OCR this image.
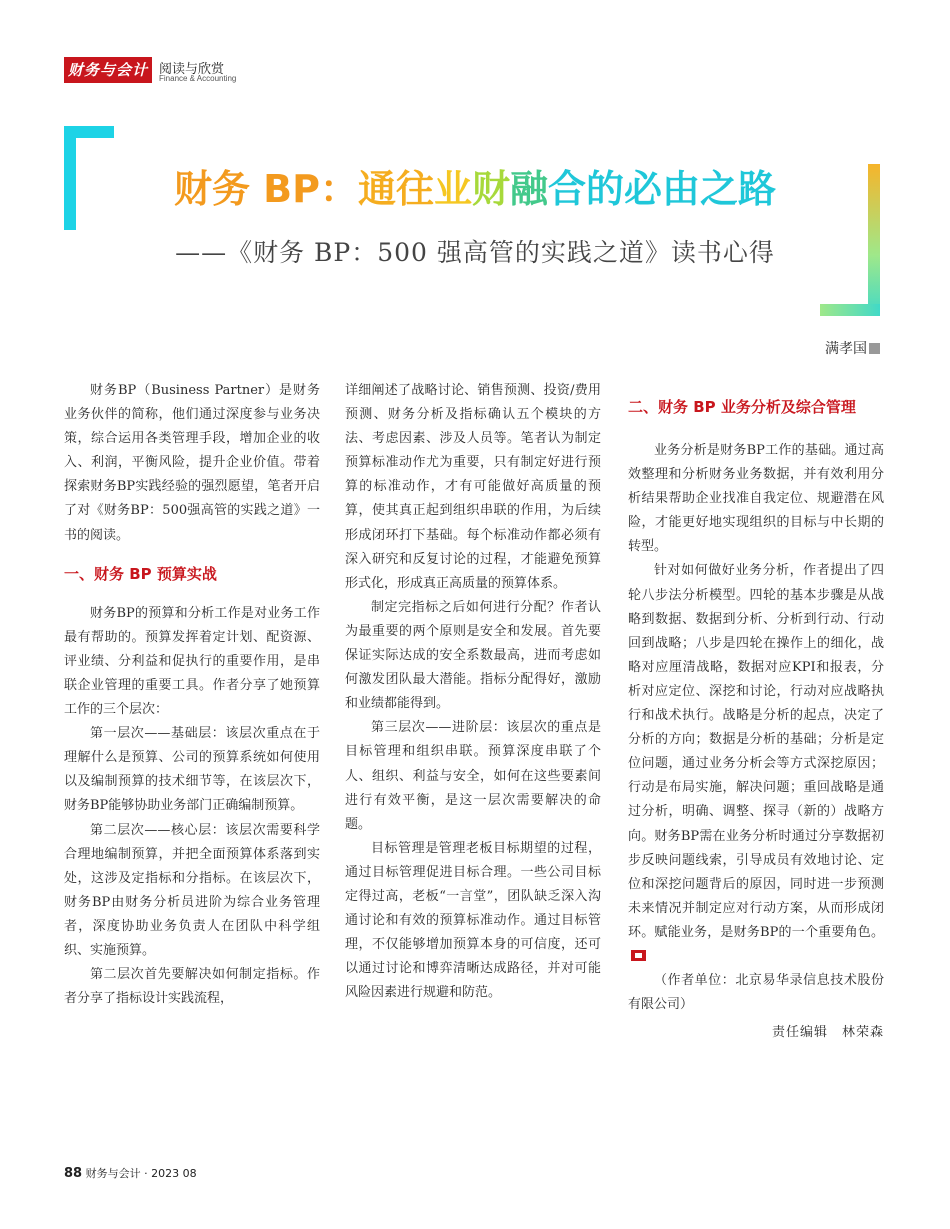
财务与会计 阅读与欣赏
Finance & Accounting
财务 BP：通往业财融合的必由之路
——《财务 BP：500 强高管的实践之道》读书心得
满孝国

财务BP（Business Partner）是财务业务伙伴的简称，他们通过深度参与业务决策，综合运用各类管理手段，增加企业的收入、利润，平衡风险，提升企业价值。带着探索财务BP实践经验的强烈愿望，笔者开启了对《财务BP：500强高管的实践之道》一书的阅读。

一、财务 BP 预算实战

财务BP的预算和分析工作是对业务工作最有帮助的。预算发挥着定计划、配资源、评业绩、分利益和促执行的重要作用，是串联企业管理的重要工具。作者分享了她预算工作的三个层次：

第一层次——基础层：该层次重点在于理解什么是预算、公司的预算系统如何使用以及编制预算的技术细节等，在该层次下，财务BP能够协助业务部门正确编制预算。

第二层次——核心层：该层次需要科学合理地编制预算，并把全面预算体系落到实处，这涉及定指标和分指标。在该层次下，财务BP由财务分析员进阶为综合业务管理者，深度协助业务负责人在团队中科学组织、实施预算。

第二层次首先要解决如何制定指标。作者分享了指标设计实践流程，

详细阐述了战略讨论、销售预测、投资/费用预测、财务分析及指标确认五个模块的方法、考虑因素、涉及人员等。笔者认为制定预算标准动作尤为重要，只有制定好进行预算的标准动作，才有可能做好高质量的预算，使其真正起到组织串联的作用，为后续形成闭环打下基础。每个标准动作都必须有深入研究和反复讨论的过程，才能避免预算形式化，形成真正高质量的预算体系。

制定完指标之后如何进行分配？作者认为最重要的两个原则是安全和发展。首先要保证实际达成的安全系数最高，进而考虑如何激发团队最大潜能。指标分配得好，激励和业绩都能得到。

第三层次——进阶层：该层次的重点是目标管理和组织串联。预算深度串联了个人、组织、利益与安全，如何在这些要素间进行有效平衡，是这一层次需要解决的命题。

目标管理是管理老板目标期望的过程，通过目标管理促进目标合理。一些公司目标定得过高，老板“一言堂”，团队缺乏深入沟通讨论和有效的预算标准动作。通过目标管理，不仅能够增加预算本身的可信度，还可以通过讨论和博弈清晰达成路径，并对可能风险因素进行规避和防范。

二、财务 BP 业务分析及综合管理

业务分析是财务BP工作的基础。通过高效整理和分析财务业务数据，并有效利用分析结果帮助企业找准自我定位、规避潜在风险，才能更好地实现组织的目标与中长期的转型。

针对如何做好业务分析，作者提出了四轮八步法分析模型。四轮的基本步骤是从战略到数据、数据到分析、分析到行动、行动回到战略；八步是四轮在操作上的细化，战略对应厘清战略，数据对应KPI和报表，分析对应定位、深挖和讨论，行动对应战略执行和战术执行。战略是分析的起点，决定了分析的方向；数据是分析的基础；分析是定位问题，通过业务分析会等方式深挖原因；行动是布局实施，解决问题；重回战略是通过分析，明确、调整、探寻（新的）战略方向。财务BP需在业务分析时通过分享数据初步反映问题线索，引导成员有效地讨论、定位和深挖问题背后的原因，同时进一步预测未来情况并制定应对行动方案，从而形成闭环。赋能业务，是财务BP的一个重要角色。

（作者单位：北京易华录信息技术股份有限公司）

责任编辑　林荣森
88 财务与会计 · 2023 08
